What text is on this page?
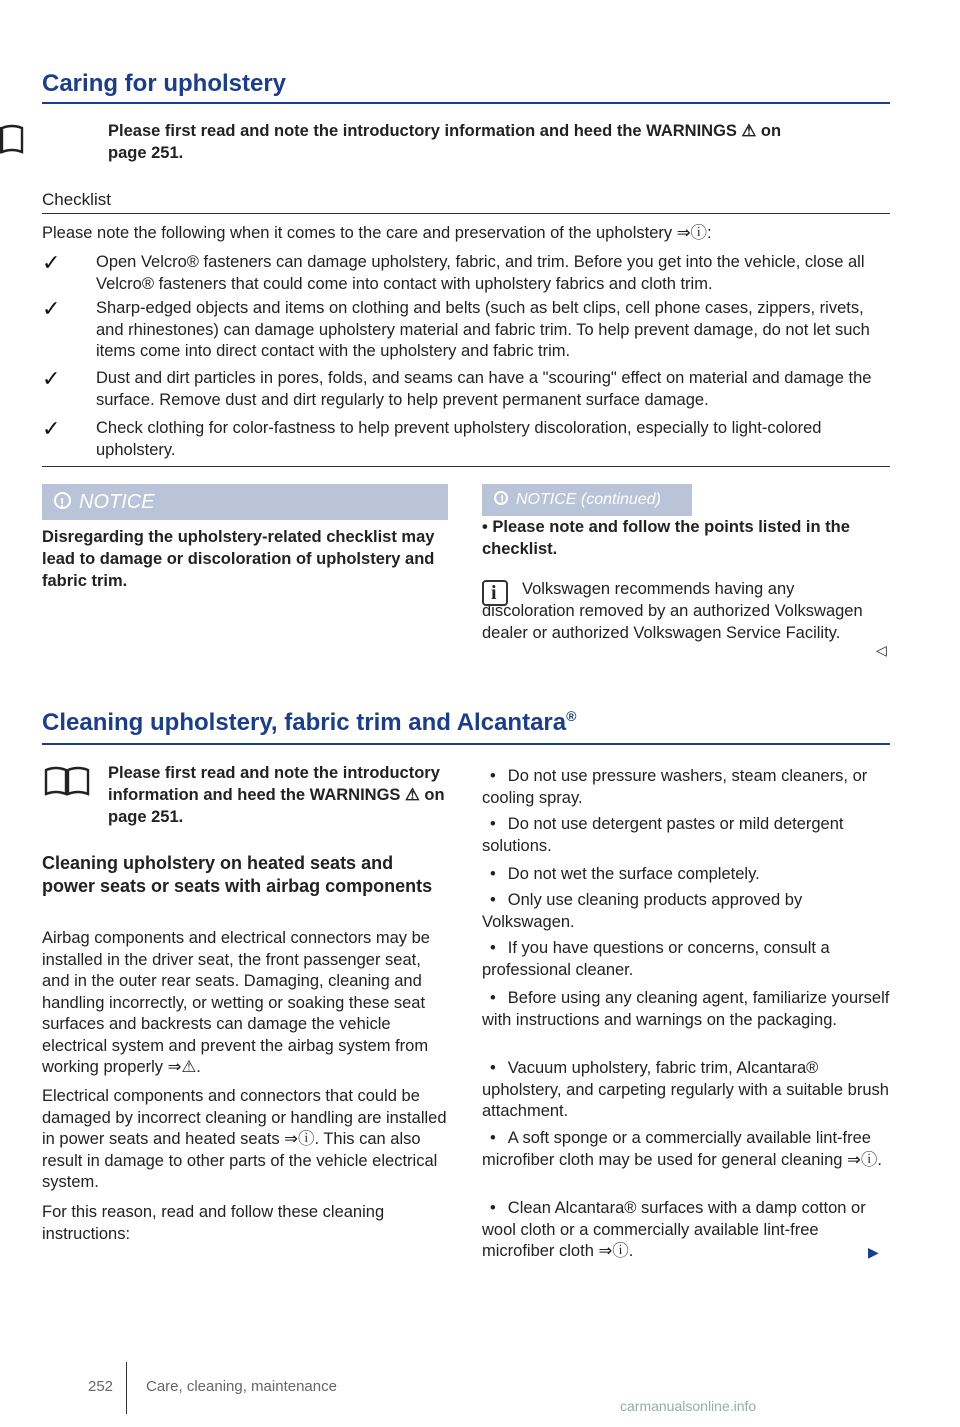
Caring for upholstery
Please first read and note the introductory information and heed the WARNINGS ⚠ on
page 251.
Checklist
Please note the following when it comes to the care and preservation of the upholstery ⇒ⓘ:
✓ Open Velcro® fasteners can damage upholstery, fabric, and trim. Before you get into the vehicle, close all Velcro® fasteners that could come into contact with upholstery fabrics and cloth trim.
✓ Sharp-edged objects and items on clothing and belts (such as belt clips, cell phone cases, zippers, rivets, and rhinestones) can damage upholstery material and fabric trim. To help prevent damage, do not let such items come into direct contact with the upholstery and fabric trim.
✓ Dust and dirt particles in pores, folds, and seams can have a "scouring" effect on material and damage the surface. Remove dust and dirt regularly to help prevent permanent surface damage.
✓ Check clothing for color-fastness to help prevent upholstery discoloration, especially to light-colored upholstery.
!NOTICE
Disregarding the upholstery-related checklist may lead to damage or discoloration of upholstery and fabric trim.
!NOTICE (continued)
• Please note and follow the points listed in the checklist.
i
Volkswagen recommends having any discoloration removed by an authorized Volkswagen dealer or authorized Volkswagen Service Facility.
◁
Cleaning upholstery, fabric trim and Alcantara®
Please first read and note the introductory information and heed the WARNINGS ⚠ on page 251.
Cleaning upholstery on heated seats and power seats or seats with airbag components
Airbag components and electrical connectors may be installed in the driver seat, the front passenger seat, and in the outer rear seats. Damaging, cleaning and handling incorrectly, or wetting or soaking these seat surfaces and backrests can damage the vehicle electrical system and prevent the airbag system from working properly ⇒⚠.
Electrical components and connectors that could be damaged by incorrect cleaning or handling are installed in power seats and heated seats ⇒ⓘ. This can also result in damage to other parts of the vehicle electrical system.
For this reason, read and follow these cleaning instructions:
• Do not use pressure washers, steam cleaners, or cooling spray.
• Do not use detergent pastes or mild detergent solutions.
• Do not wet the surface completely.
• Only use cleaning products approved by Volkswagen.
• If you have questions or concerns, consult a professional cleaner.
• Before using any cleaning agent, familiarize yourself with instructions and warnings on the packaging.
• Vacuum upholstery, fabric trim, Alcantara® upholstery, and carpeting regularly with a suitable brush attachment.
• A soft sponge or a commercially available lint-free microfiber cloth may be used for general cleaning ⇒ⓘ.
• Clean Alcantara® surfaces with a damp cotton or wool cloth or a commercially available lint-free microfiber cloth ⇒ⓘ.	▶
252 Care, cleaning, maintenance
carmanualsonline.info
